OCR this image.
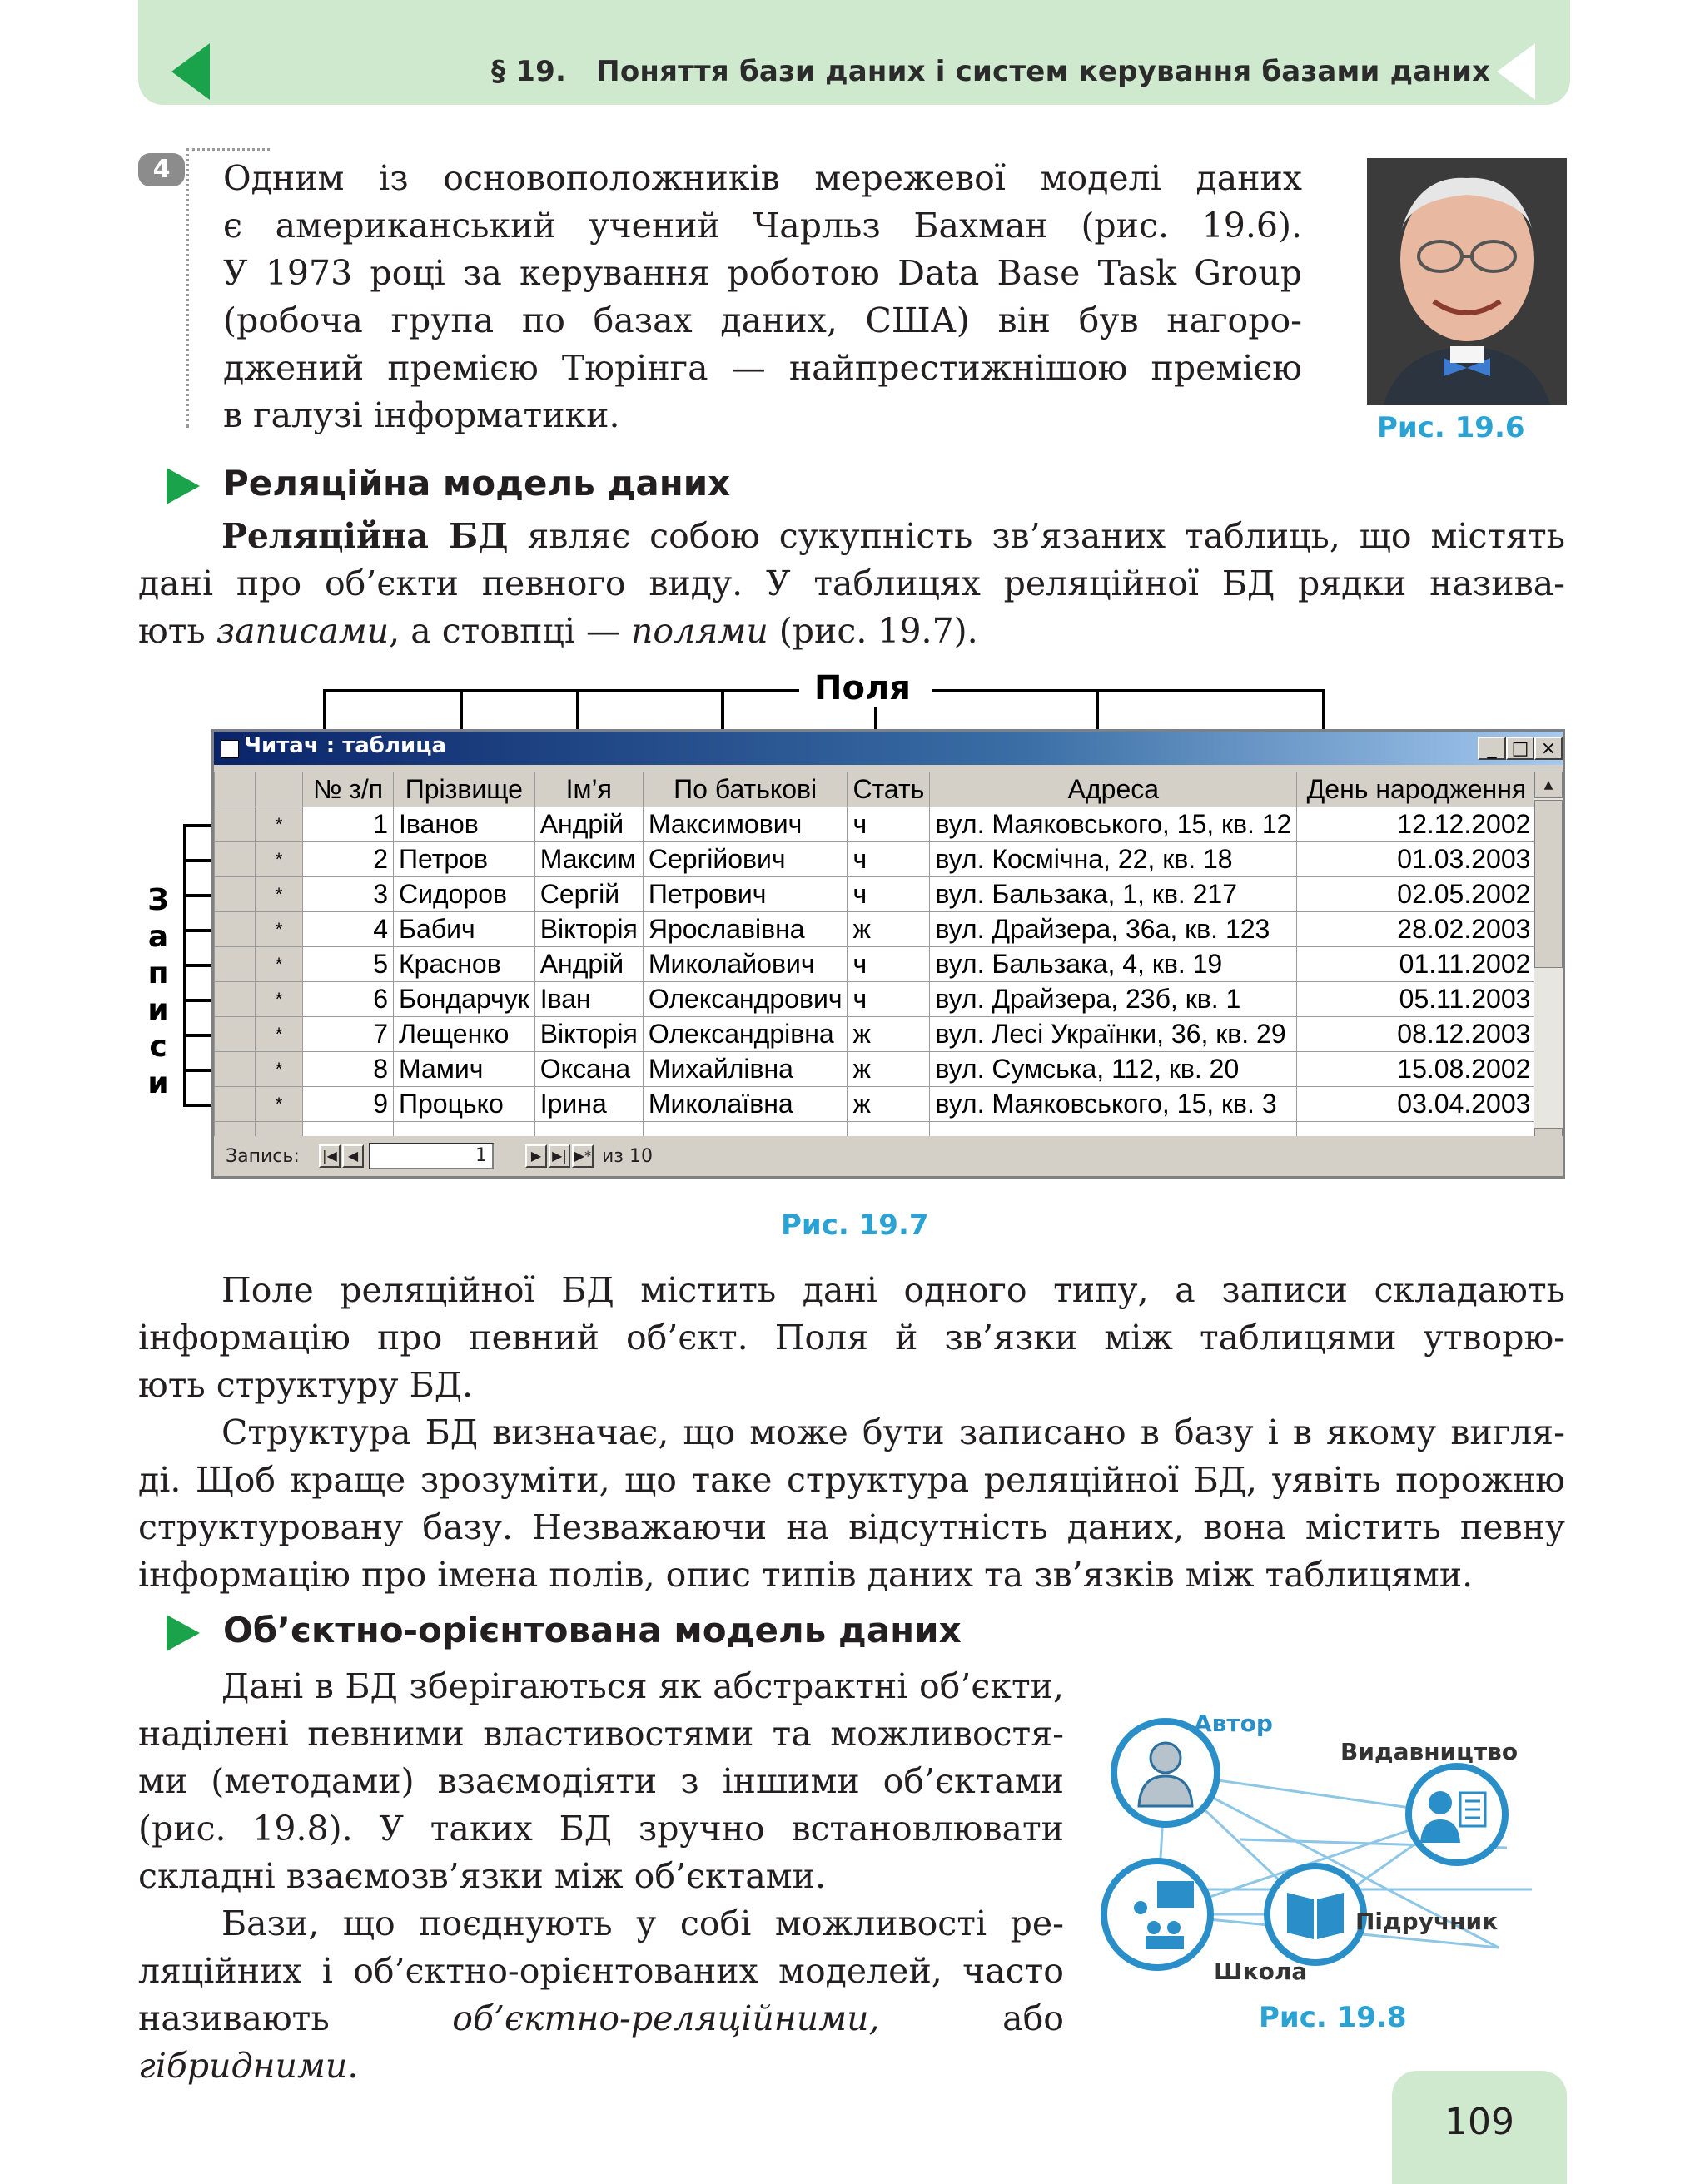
§ 19.   Поняття бази даних і систем керування базами даних
4	Одним із основоположників мережевої моделі даних

є американський учений Чарльз Бахман (рис. 19.6).

У 1973 році за керування роботою Data Base Task Group

(робоча група по базах даних, США) він був нагоро-

джений премією Тюрінга — найпрестижнішою премією

в галузі інформатики.	Рис. 19.6
Реляційна модель даних

Реляційна БД являє собою сукупність зв’язаних таблиць, що містять

дані про об’єкти певного виду. У таблицях реляційної БД рядки назива-

ють записами, а стовпці — полями (рис. 19.7).

Поля
З
а
п
и
с
и
Читач : таблица	_ □ ×
		№ з/п	Прізвище	Ім’я	По батькові	Стать	Адреса	День народження
	*	1	Іванов	Андрій	Максимович	ч	вул. Маяковського, 15, кв. 12	12.12.2002
	*	2	Петров	Максим	Сергійович	ч	вул. Космічна, 22, кв. 18	01.03.2003
	*	3	Сидоров	Сергій	Петрович	ч	вул. Бальзака, 1, кв. 217	02.05.2002
	*	4	Бабич	Вікторія	Ярославівна	ж	вул. Драйзера, 36а, кв. 123	28.02.2003
	*	5	Краснов	Андрій	Миколайович	ч	вул. Бальзака, 4, кв. 19	01.11.2002
	*	6	Бондарчук	Іван	Олександрович	ч	вул. Драйзера, 23б, кв. 1	05.11.2003
	*	7	Лещенко	Вікторія	Олександрівна	ж	вул. Лесі Українки, 36, кв. 29	08.12.2003
	*	8	Мамич	Оксана	Михайлівна	ж	вул. Сумська, 112, кв. 20	15.08.2002
	*	9	Процько	Ірина	Миколаївна	ж	вул. Маяковського, 15, кв. 3	03.04.2003

▲
Запись: |◀ ◀	1	▶ ▶| ▶* из 10
Рис. 19.7

Поле реляційної БД містить дані одного типу, а записи складають

інформацію про певний об’єкт. Поля й зв’язки між таблицями утворю-

ють структуру БД.

Структура БД визначає, що може бути записано в базу і в якому вигля-

ді. Щоб краще зрозуміти, що таке структура реляційної БД, уявіть порожню

структуровану базу. Незважаючи на відсутність даних, вона містить певну

інформацію про імена полів, опис типів даних та зв’язків між таблицями.

Об’єктно-орієнтована модель даних

Дані в БД зберігаються як абстрактні об’єкти,

наділені певними властивостями та можливостя-

ми (методами) взаємодіяти з іншими об’єктами

(рис. 19.8). У таких БД зручно встановлювати

складні взаємозв’язки між об’єктами.

Бази, що поєднують у собі можливості ре-

ляційних і об’єктно-орієнтованих моделей, часто

називають об’єктно-реляційними, або гібридними.

Автор
Видавництво
Школа
Підручник
Рис. 19.8
109
